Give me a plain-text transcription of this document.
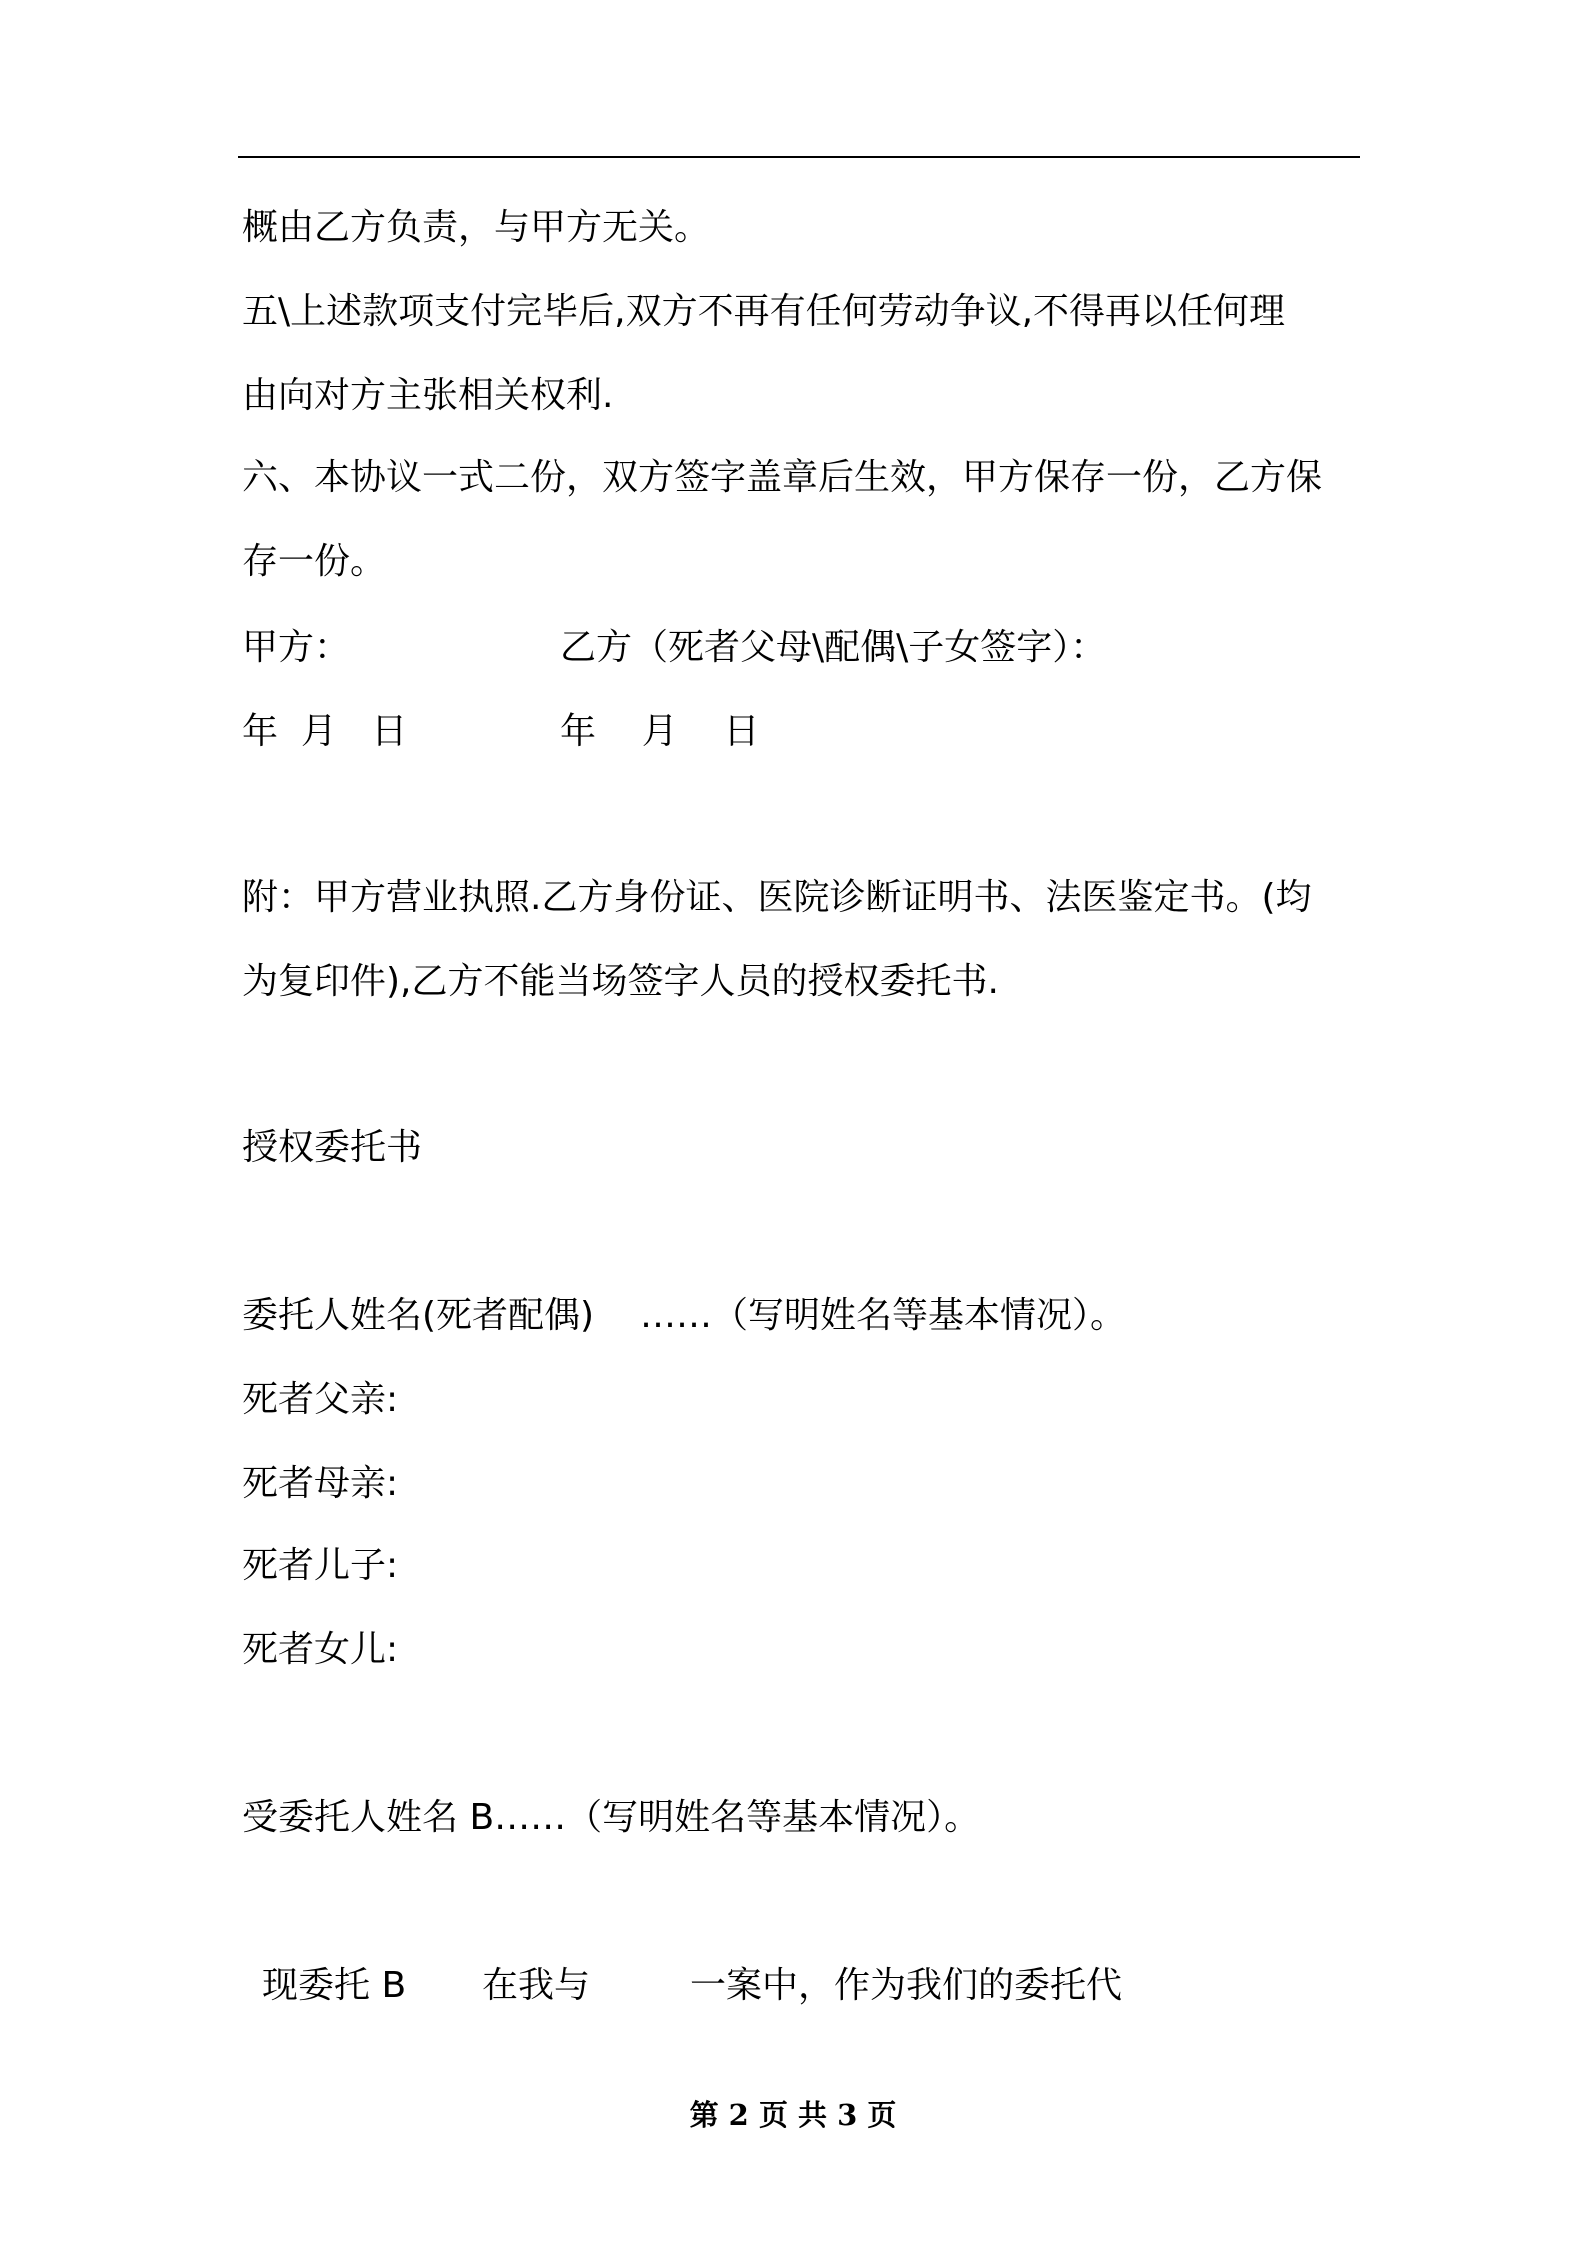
概由乙方负责，与甲方无关。
五\上述款项支付完毕后,双方不再有任何劳动争议,不得再以任何理
由向对方主张相关权利.
六、本协议一式二份，双方签字盖章后生效，甲方保存一份，乙方保
存一份。
甲方：	乙方（死者父母\配偶\子女签字）：
年  月   日	年    月    日
附：甲方营业执照.乙方身份证、医院诊断证明书、法医鉴定书。(均
为复印件),乙方不能当场签字人员的授权委托书.
授权委托书
委托人姓名(死者配偶) ……（写明姓名等基本情况）。
死者父亲:
死者母亲:
死者儿子:
死者女儿:
受委托人姓名 B……（写明姓名等基本情况）。
现委托 B 在我与	一案中，作为我们的委托代
第 2 页 共 3 页
